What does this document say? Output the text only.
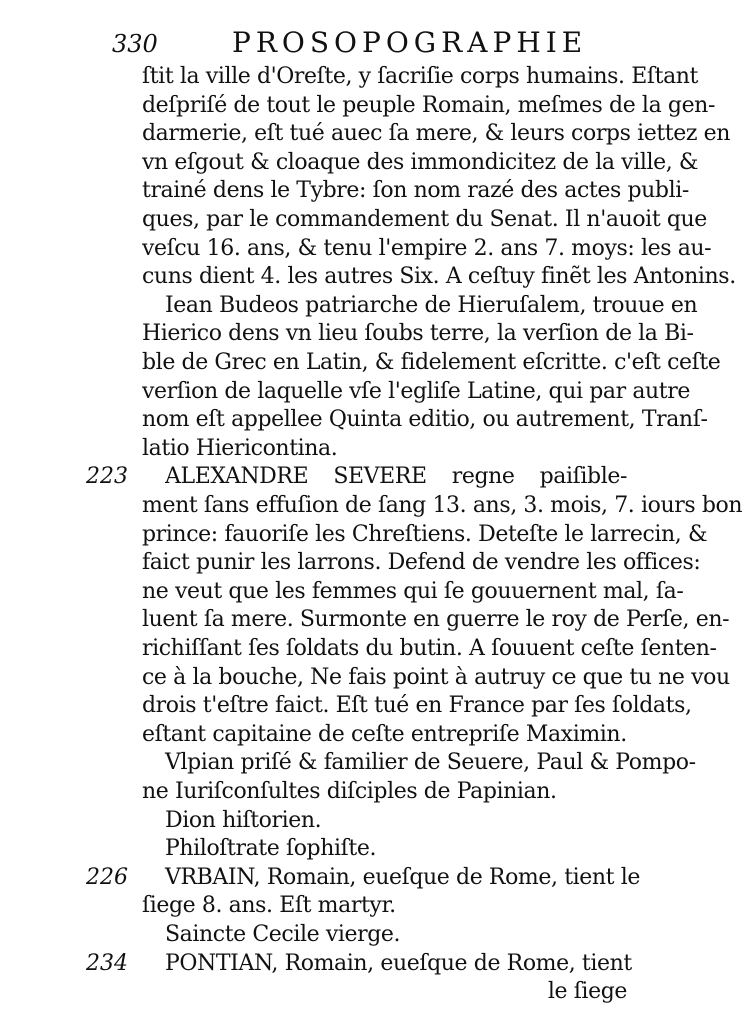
330	PROSOPOGRAPHIE
ſtit la ville d'Oreſte, y ſacriſie corps humains. Eſtant
deſpriſé de tout le peuple Romain, meſmes de la gen-
darmerie, eſt tué auec ſa mere, & leurs corps iettez en
vn eſgout & cloaque des immondicitez de la ville, &
trainé dens le Tybre: ſon nom razé des actes publi-
ques, par le commandement du Senat. Il n'auoit que
veſcu 16. ans, & tenu l'empire 2. ans 7. moys: les au-
cuns dient 4. les autres Six. A ceſtuy finẽt les Antonins.
Iean Budeos patriarche de Hieruſalem, trouue en
Hierico dens vn lieu ſoubs terre, la verſion de la Bi-
ble de Grec en Latin, & fidelement eſcritte. c'eſt ceſte
verſion de laquelle vſe l'egliſe Latine, qui par autre
nom eſt appellee Quinta editio, ou autrement, Tranſ-
latio Hiericontina.
223 ALEXANDRE SEVERE regne paiſible-
ment ſans effuſion de ſang 13. ans, 3. mois, 7. iours bon
prince: fauoriſe les Chreſtiens. Deteſte le larrecin, &
faict punir les larrons. Defend de vendre les offices:
ne veut que les femmes qui ſe gouuernent mal, ſa-
luent ſa mere. Surmonte en guerre le roy de Perſe, en-
richiſſant ſes ſoldats du butin. A ſouuent ceſte ſenten-
ce à la bouche, Ne fais point à autruy ce que tu ne vou
drois t'eſtre faict. Eſt tué en France par ſes ſoldats,
eſtant capitaine de ceſte entrepriſe Maximin.
Vlpian priſé & familier de Seuere, Paul & Pompo-
ne Iuriſconſultes diſciples de Papinian.
Dion hiſtorien.
Philoſtrate ſophiſte.
VRBAIN, Romain, eueſque de Rome, tient le
ſiege 8. ans. Eſt martyr.
Saincte Cecile vierge.
PONTIAN, Romain, eueſque de Rome, tient
le ſiege
226
234
